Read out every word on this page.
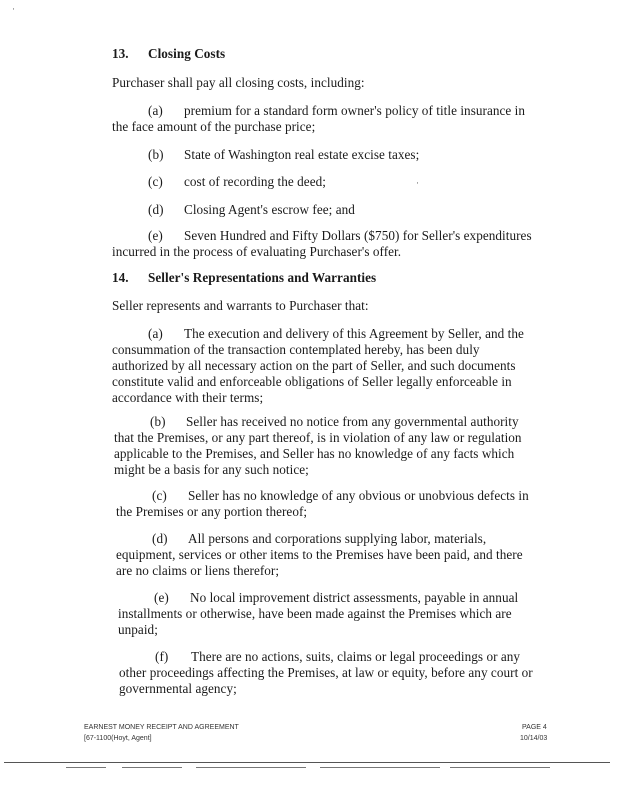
13. Closing Costs
Purchaser shall pay all closing costs, including:
(a) premium for a standard form owner's policy of title insurance in
the face amount of the purchase price;
(b) State of Washington real estate excise taxes;
(c) cost of recording the deed;
(d) Closing Agent's escrow fee; and
(e) Seven Hundred and Fifty Dollars ($750) for Seller's expenditures
incurred in the process of evaluating Purchaser's offer.
14. Seller's Representations and Warranties
Seller represents and warrants to Purchaser that:
(a) The execution and delivery of this Agreement by Seller, and the
consummation of the transaction contemplated hereby, has been duly
authorized by all necessary action on the part of Seller, and such documents
constitute valid and enforceable obligations of Seller legally enforceable in
accordance with their terms;
(b) Seller has received no notice from any governmental authority
that the Premises, or any part thereof, is in violation of any law or regulation
applicable to the Premises, and Seller has no knowledge of any facts which
might be a basis for any such notice;
(c) Seller has no knowledge of any obvious or unobvious defects in
the Premises or any portion thereof;
(d) All persons and corporations supplying labor, materials,
equipment, services or other items to the Premises have been paid, and there
are no claims or liens therefor;
(e) No local improvement district assessments, payable in annual
installments or otherwise, have been made against the Premises which are
unpaid;
(f) There are no actions, suits, claims or legal proceedings or any
other proceedings affecting the Premises, at law or equity, before any court or
governmental agency;
EARNEST MONEY RECEIPT AND AGREEMENT
[67-1100(Hoyt, Agent]
PAGE 4
10/14/03
·
·
